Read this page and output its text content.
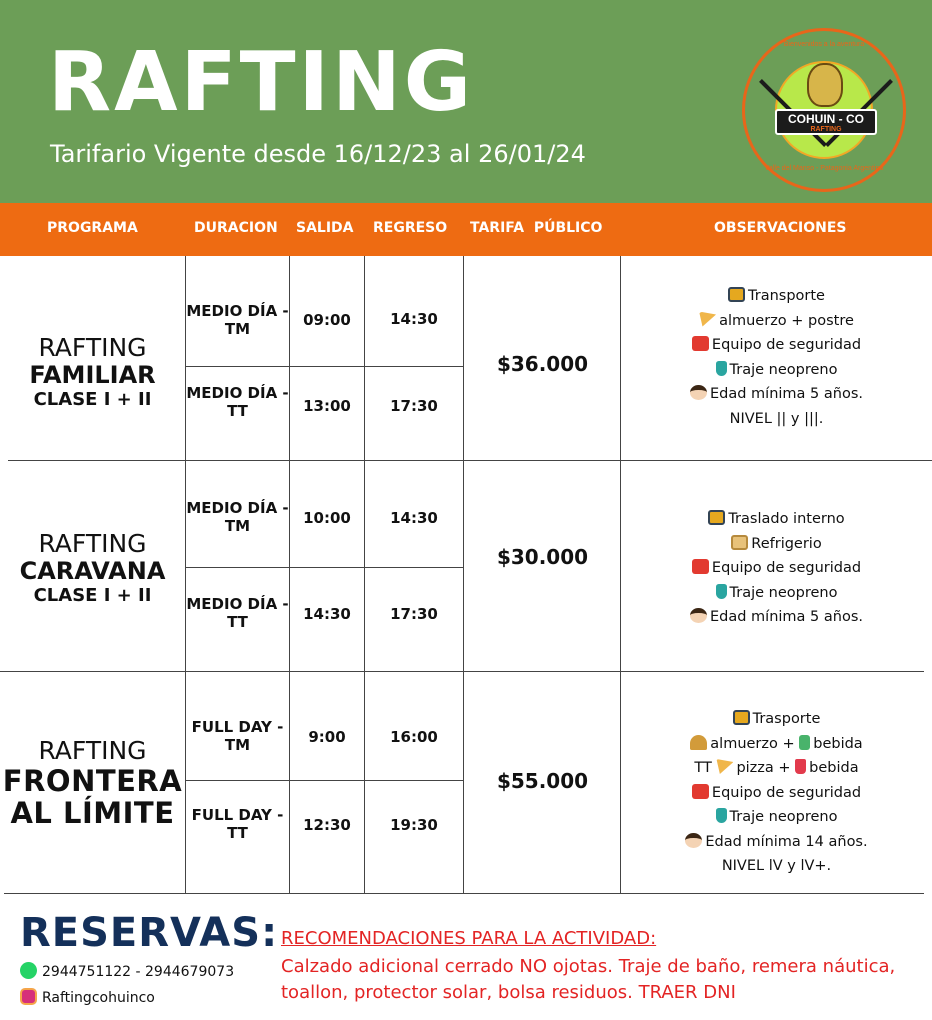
RAFTING
Tarifario Vigente desde 16/12/23 al 26/01/24
Bienvenidos a la aventura
COHUIN - CO
RAFTING
Valle del Manso - Patagonia Argentina
PROGRAMA	DURACION SALIDA REGRESO TARIFA  PÚBLICO	OBSERVACIONES
RAFTING
FAMILIAR
CLASE I + II
MEDIO DÍA - TM	09:00	14:30
MEDIO DÍA - TT	13:00	17:30
$36.000
Transporte
almuerzo + postre
Equipo de seguridad
Traje neopreno
Edad mínima 5 años.
NIVEL || y |||.
RAFTING
CARAVANA
CLASE I + II
MEDIO DÍA - TM	10:00	14:30
MEDIO DÍA - TT	14:30	17:30
$30.000
Traslado interno
Refrigerio
Equipo de seguridad
Traje neopreno
Edad mínima 5 años.
RAFTING
FRONTERA
AL LÍMITE
FULL DAY - TM	9:00	16:00
FULL DAY - TT	12:30	19:30
$55.000
Trasporte
almuerzo + bebida
TT pizza + bebida
Equipo de seguridad
Traje neopreno
Edad mínima 14 años.
NIVEL lV y lV+.
RESERVAS:
2944751122 - 2944679073
Raftingcohuinco
RECOMENDACIONES PARA LA ACTIVIDAD:
Calzado adicional cerrado NO ojotas. Traje de baño, remera náutica, toallon, protector solar, bolsa residuos. TRAER DNI
